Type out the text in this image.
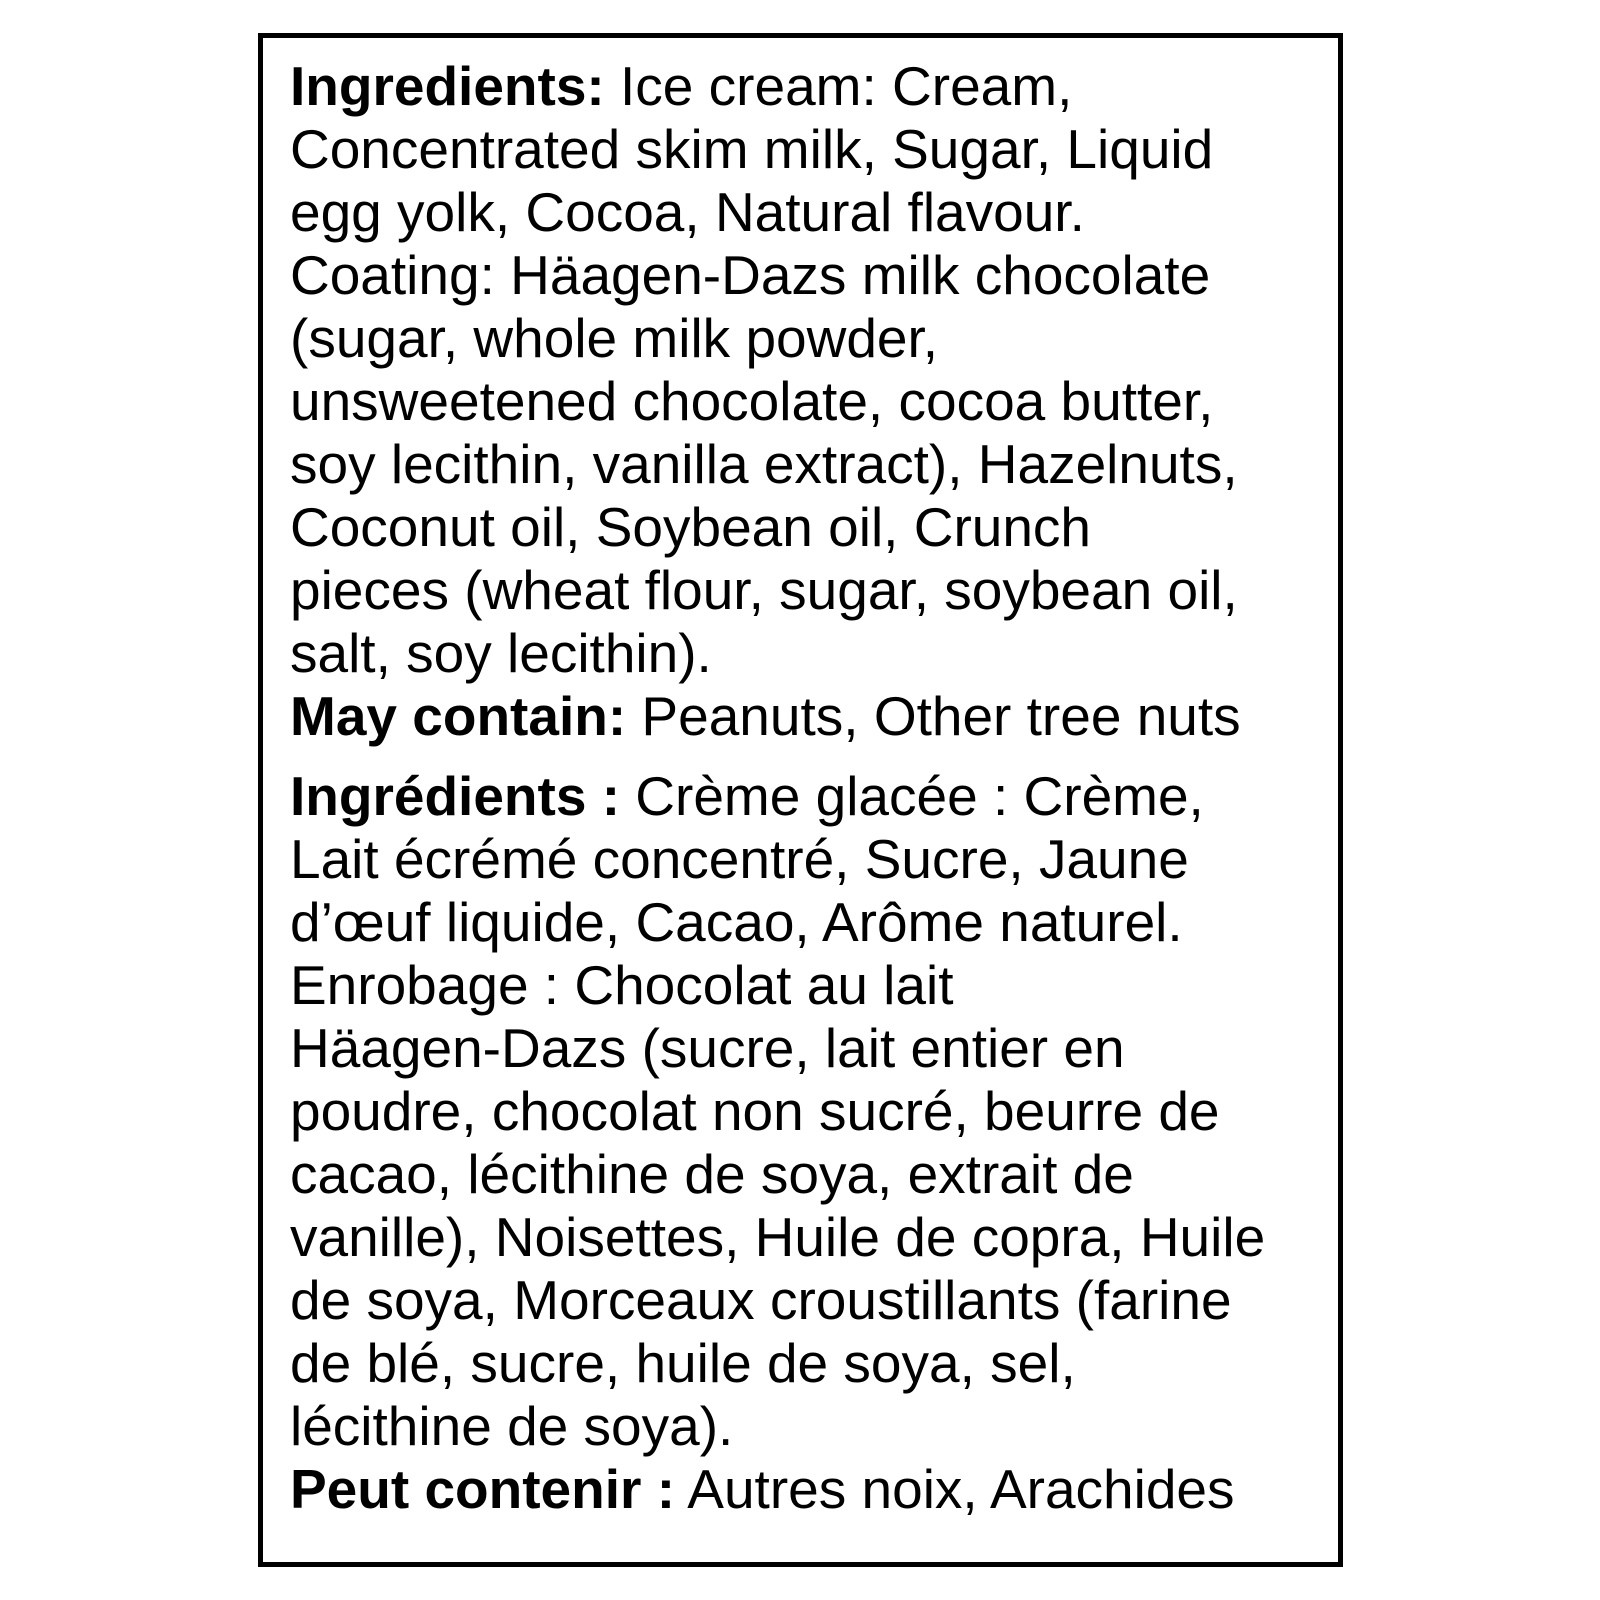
Ingredients: Ice cream: Cream,
Concentrated skim milk, Sugar, Liquid
egg yolk, Cocoa, Natural flavour.
Coating: Häagen-Dazs milk chocolate
(sugar, whole milk powder,
unsweetened chocolate, cocoa butter,
soy lecithin, vanilla extract), Hazelnuts,
Coconut oil, Soybean oil, Crunch
pieces (wheat flour, sugar, soybean oil,
salt, soy lecithin).
May contain: Peanuts, Other tree nuts
Ingrédients : Crème glacée : Crème,
Lait écrémé concentré, Sucre, Jaune
d’œuf liquide, Cacao, Arôme naturel.
Enrobage : Chocolat au lait
Häagen-Dazs (sucre, lait entier en
poudre, chocolat non sucré, beurre de
cacao, lécithine de soya, extrait de
vanille), Noisettes, Huile de copra, Huile
de soya, Morceaux croustillants (farine
de blé, sucre, huile de soya, sel,
lécithine de soya).
Peut contenir : Autres noix, Arachides
